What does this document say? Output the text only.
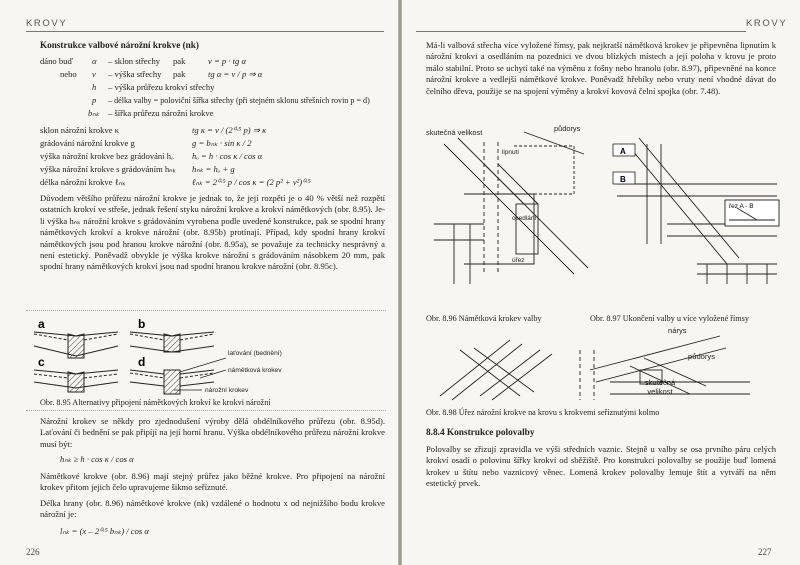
KROVY
Konstrukce valbové nárožní krokve (nk)
dáno buď α – sklon střechy pak	v = p · tg α
nebo v – výška střechy pak	tg α = v / p ⇒ α
h – výška průřezu krokví střechy
p – délka valby = poloviční šířka střechy (při stejném sklonu střešních rovin p = d)
bₙₖ – šířka průřezu nárožní krokve
sklon nárožní krokve κ	tg κ = v / (2⁰·⁵ p) ⇒ κ
grádování nárožní krokve g	g = bₙₖ · sin κ / 2
výška nárožní krokve bez grádování hₒ hₒ = h · cos κ / cos α
výška nárožní krokve s grádováním hₙₖ hₙₖ = hₒ + g
délka nárožní krokve ℓₙₖ	ℓₙₖ = 2⁰·⁵ p / cos κ = (2 p² + v²)⁰·⁵
Důvodem většího průřezu nárožní krokve je jednak to, že její rozpětí je o 40 % větší než rozpětí ostatních krokví ve střeše, jednak řešení styku nárožní krokve a krokví námětkových (obr. 8.95). Je-li výška hₙₖ nárožní krokve s grádováním vyrobena podle uvedené konstrukce, pak se spodní hrany námětkových krokví a krokve nárožní (obr. 8.95b) protínají. Případ, kdy spodní hrany krokví námětkových jsou pod hranou krokve nárožní (obr. 8.95a), se považuje za technicky nesprávný a není estetický. Poněvadž obvykle je výška krokve nárožní s grádováním násobkem 20 mm, pak spodní hrany námětkových krokví jsou nad spodní hranou krokve nárožní (obr. 8.95c).
a	b
c	d
laťování (bednění)
námětková krokev
nárožní krokev
Obr. 8.95 Alternativy připojení námětkových krokví ke krokvi nárožní
Nárožní krokev se někdy pro zjednodušení výroby dělá obdélníkového průřezu (obr. 8.95d). Laťování či bednění se pak připíjí na její horní hranu. Výška obdélníkového průřezu nárožní krokve musí být:
hₙₖ ≥ h · cos κ / cos α
Námětkové krokve (obr. 8.96) mají stejný průřez jako běžné krokve. Pro připojení na nárožní krokev přitom jejich čelo upravujeme šikmo seříznuté.
Délka hrany (obr. 8.96) námětkové krokve (nk) vzdálené o hodnotu x od nejnižšího bodu krokve nárožní je:
lₙₖ = (x – 2⁰·⁵ bₙₖ) / cos α
226
KROVY
Má-li valbová střecha více vyložené římsy, pak nejkratší námětková krokev je připevněna lipnutím k nárožní krokvi a osedláním na pozednici ve dvou blízkých místech a její poloha v krovu je proto málo stabilní. Proto se uchytí také na výměnu z fošny nebo hranolu (obr. 8.97), připevněné na konce nárožní krokve a vedlejší námětkové krokve. Poněvadž hřebíky nebo vruty není vhodné dávat do čelního dřeva, použije se na spojení výměny a krokví kovová čelní spojka (obr. 7.48).
skutečná velikost	půdorys
lipnutí
osedlání
úřez
Obr. 8.96 Námětková krokev valby
A
B
řez A - B
Obr. 8.97 Ukončení valby u více vyložené římsy
nárys
půdorys
skutečná velikost
Obr. 8.98 Úřez nárožní krokve na krovu s krokvemi seříznutými kolmo
8.8.4 Konstrukce polovalby
Polovalby se zřizují zpravidla ve výši středních vaznic. Stejně u valby se osa prvního páru celých krokví osadí o polovinu šířky krokví od sběžiště. Pro konstrukci polovalby se použije buď lomená krokev u štítu nebo vaznicový věnec. Lomená krokev polovalby lemuje štít a vytváří na něm estetický prvek.
227
